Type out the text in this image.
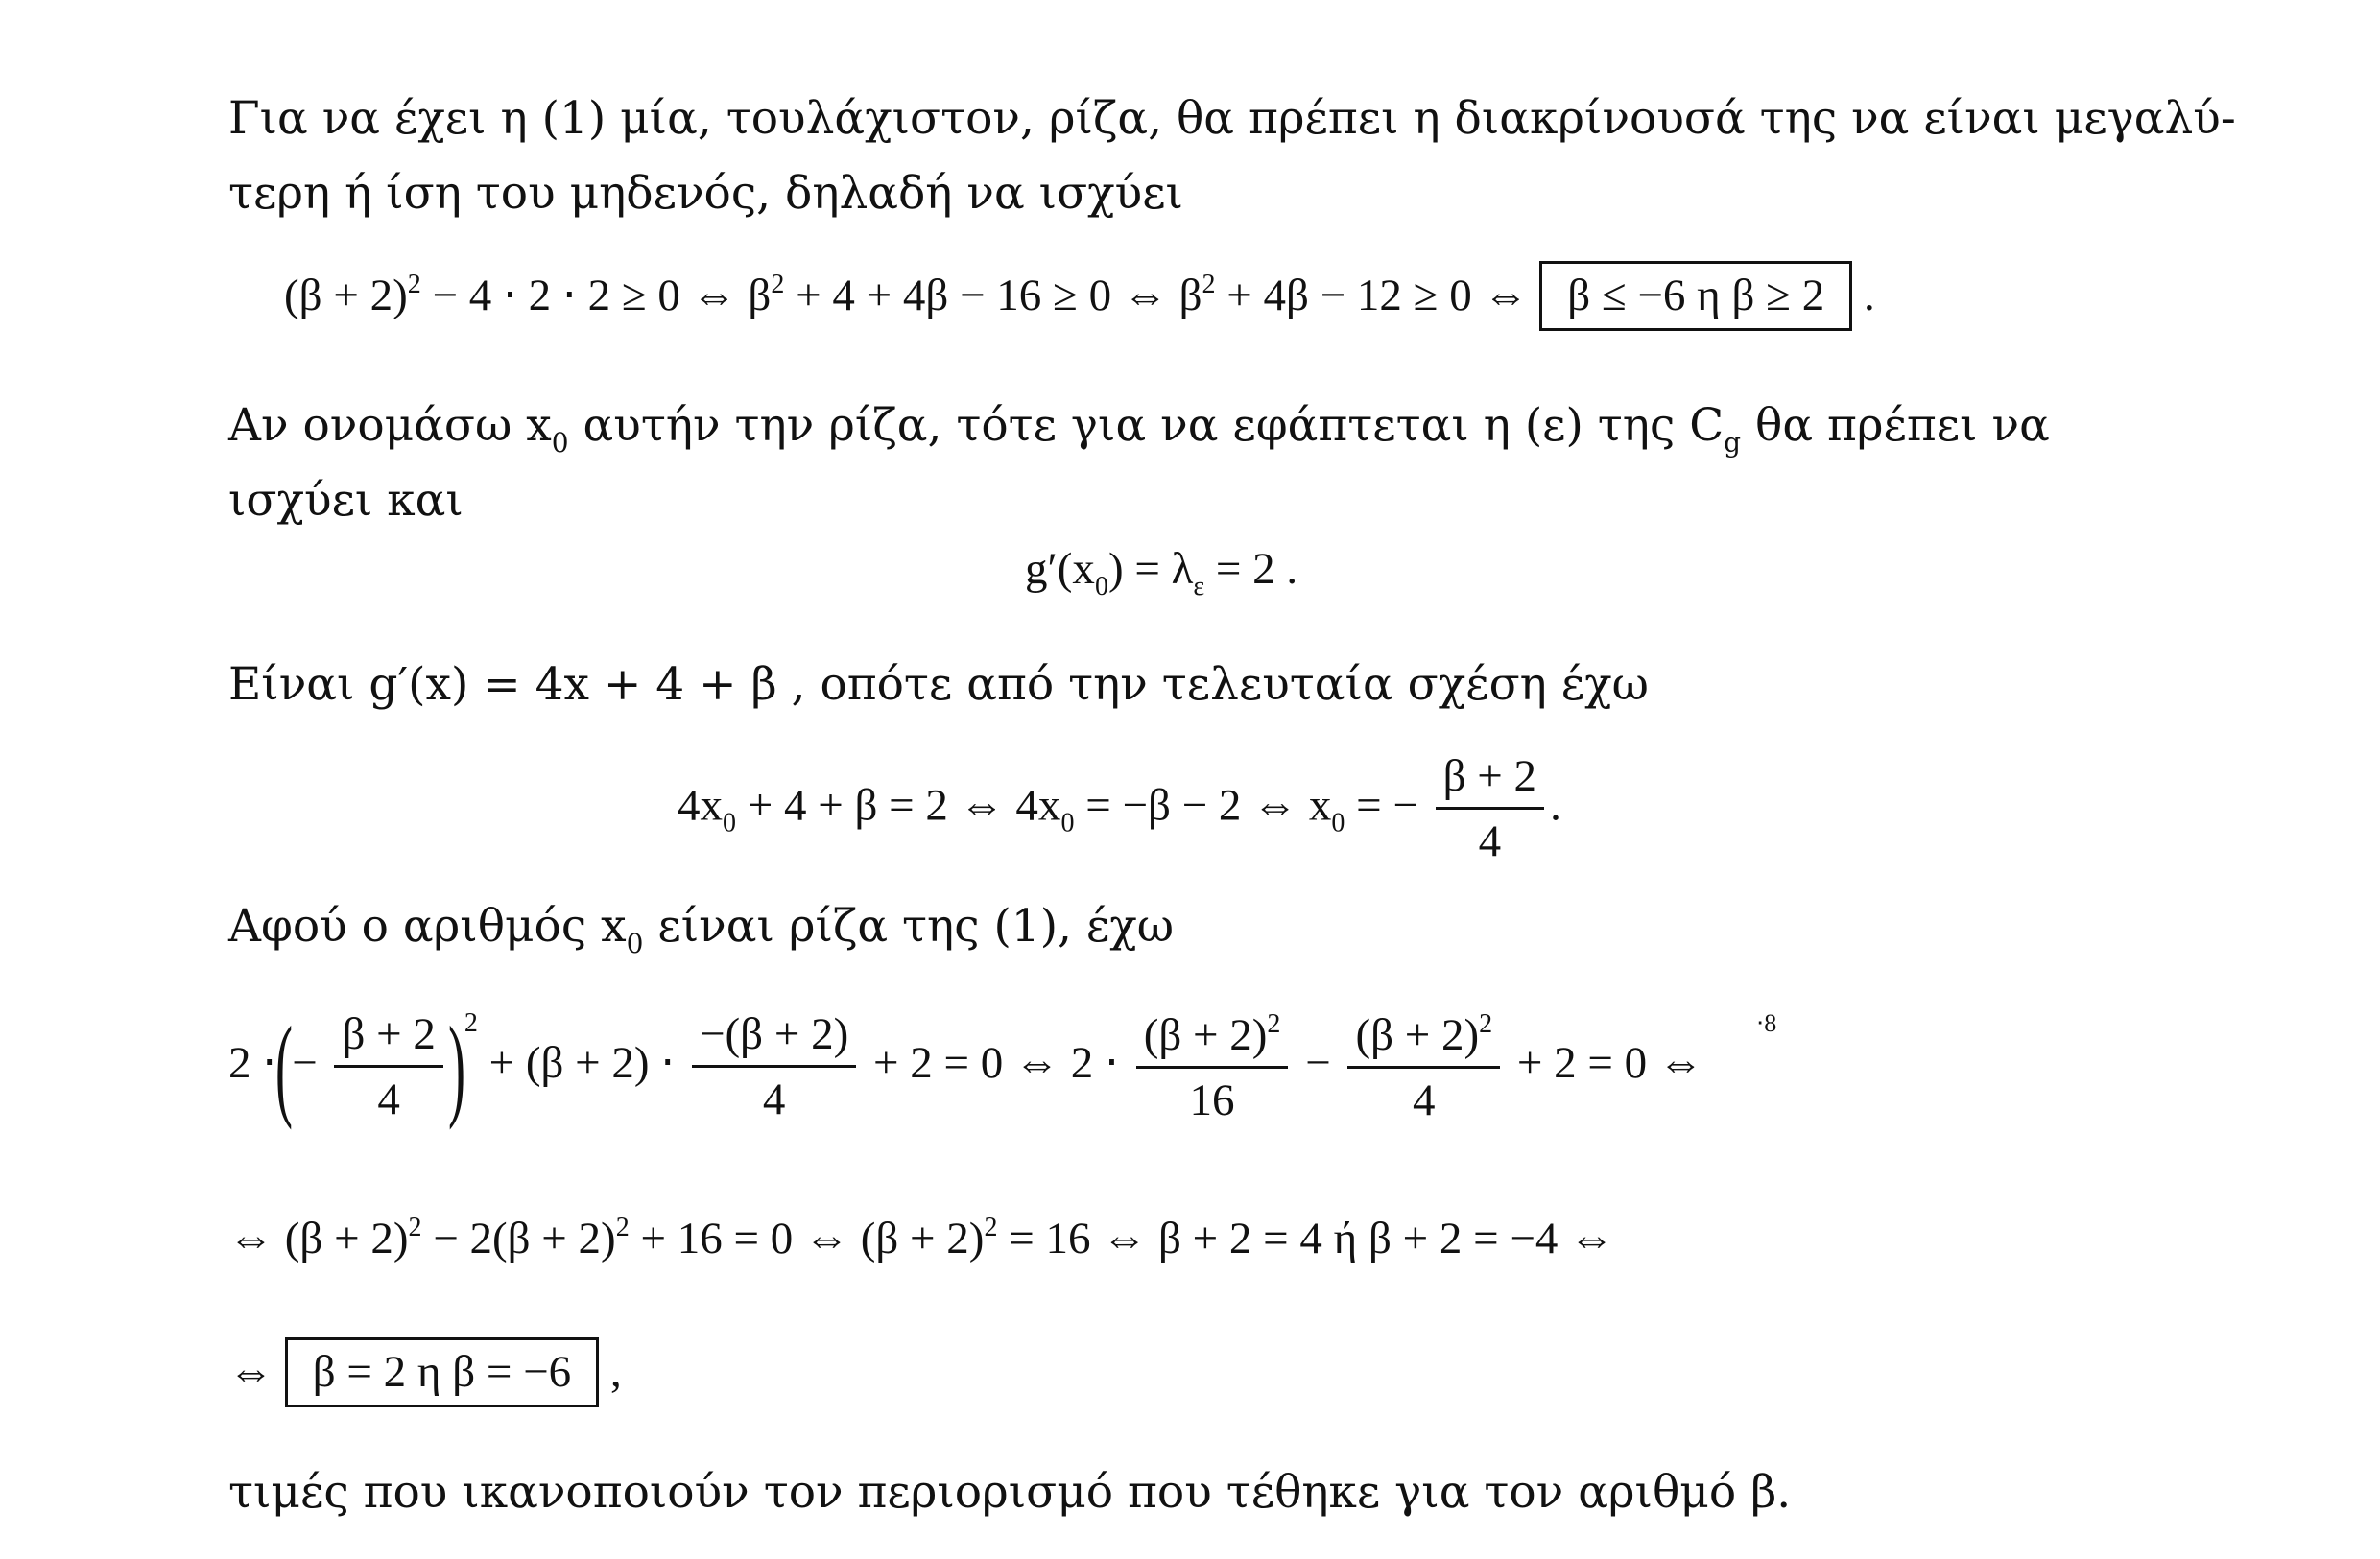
Για να έχει η (1) μία, τουλάχιστον, ρίζα, θα πρέπει η διακρίνουσά της να είναι μεγαλύ-
τερη ή ίση του μηδενός, δηλαδή να ισχύει
$(\beta + 2)^2 - 4 \cdot 2 \cdot 2 \ge 0$ ⇔ $\beta^2 + 4 + 4\beta - 16 \ge 0$ ⇔ $\beta^2 + 4\beta - 12 \ge 0$ ⇔ β ≤ −6 η β ≥ 2 .
Αν ονομάσω $x_0$ αυτήν την ρίζα, τότε για να εφάπτεται η (ε) της $C_g$ θα πρέπει να
ισχύει και
$g'(x_0) = \lambda_\varepsilon = 2$ .
Είναι g′(x) = 4x + 4 + β , οπότε από την τελευταία σχέση έχω
$4x_0 + 4 + \beta = 2$ ⇔ $4x_0 = -\beta - 2$ ⇔ $x_0$ = − $\frac{\beta + 2}{4}$ .
Αφού ο αριθμός $x_0$ είναι ρίζα της (1), έχω
2 ⋅(− $\frac{\beta + 2}{4} )^2 + (\beta + 2) \cdot \frac{-(\beta + 2)}{4} + 2 = 0$ ⇔ $2 \cdot \frac{(\beta + 2)^2}{16} - \frac{(\beta + 2)^2}{4} + 2 = 0$ ⇔
⋅8
⇔ $(\beta + 2)^2 - 2(\beta + 2)^2 + 16 = 0$ ⇔ $(\beta + 2)^2 = 16$ ⇔ β + 2 = 4 ή β + 2 = −4 ⇔
⇔ β = 2 η β = −6 ,
τιμές που ικανοποιούν τον περιορισμό που τέθηκε για τον αριθμό β.
